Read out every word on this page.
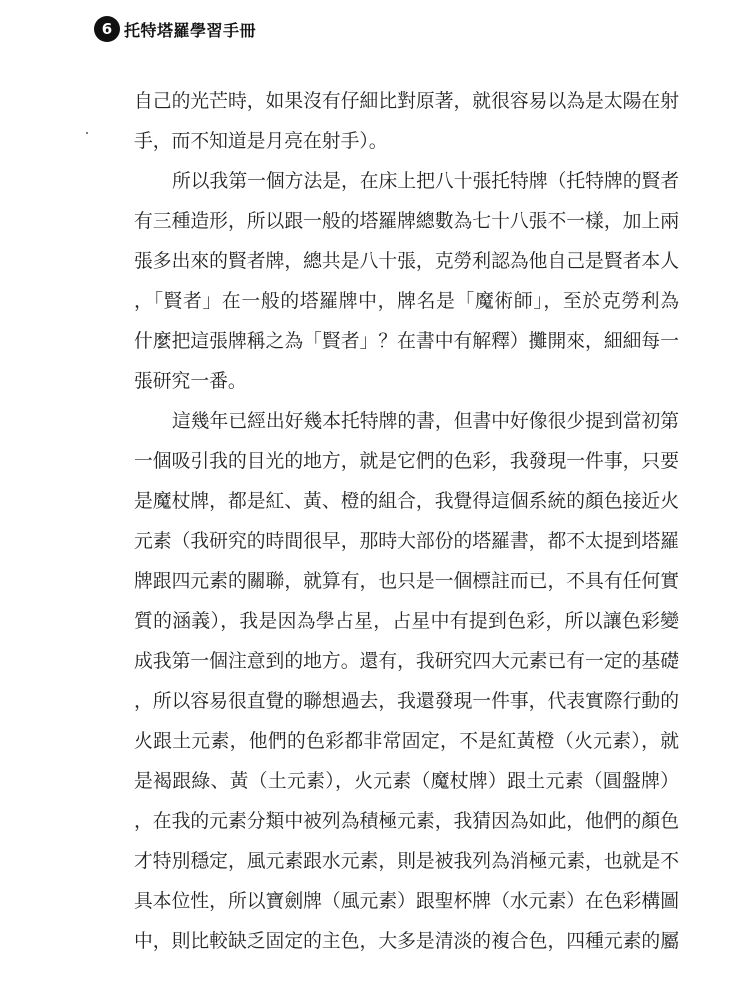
6 托特塔羅學習手冊
自己的光芒時，如果沒有仔細比對原著，就很容易以為是太陽在射
手，而不知道是月亮在射手）。
所以我第一個方法是，在床上把八十張托特牌（托特牌的賢者
有三種造形，所以跟一般的塔羅牌總數為七十八張不一樣，加上兩
張多出來的賢者牌，總共是八十張，克勞利認為他自己是賢者本人
，「賢者」在一般的塔羅牌中，牌名是「魔術師」，至於克勞利為
什麼把這張牌稱之為「賢者」？在書中有解釋）攤開來，細細每一
張研究一番。
這幾年已經出好幾本托特牌的書，但書中好像很少提到當初第
一個吸引我的目光的地方，就是它們的色彩，我發現一件事，只要
是魔杖牌，都是紅、黃、橙的組合，我覺得這個系統的顏色接近火
元素（我研究的時間很早，那時大部份的塔羅書，都不太提到塔羅
牌跟四元素的關聯，就算有，也只是一個標註而已，不具有任何實
質的涵義），我是因為學占星，占星中有提到色彩，所以讓色彩變
成我第一個注意到的地方。還有，我研究四大元素已有一定的基礎
，所以容易很直覺的聯想過去，我還發現一件事，代表實際行動的
火跟土元素，他們的色彩都非常固定，不是紅黃橙（火元素），就
是褐跟綠、黃（土元素），火元素（魔杖牌）跟土元素（圓盤牌）
，在我的元素分類中被列為積極元素，我猜因為如此，他們的顏色
才特別穩定，風元素跟水元素，則是被我列為消極元素，也就是不
具本位性，所以寶劍牌（風元素）跟聖杯牌（水元素）在色彩構圖
中，則比較缺乏固定的主色，大多是清淡的複合色，四種元素的屬
